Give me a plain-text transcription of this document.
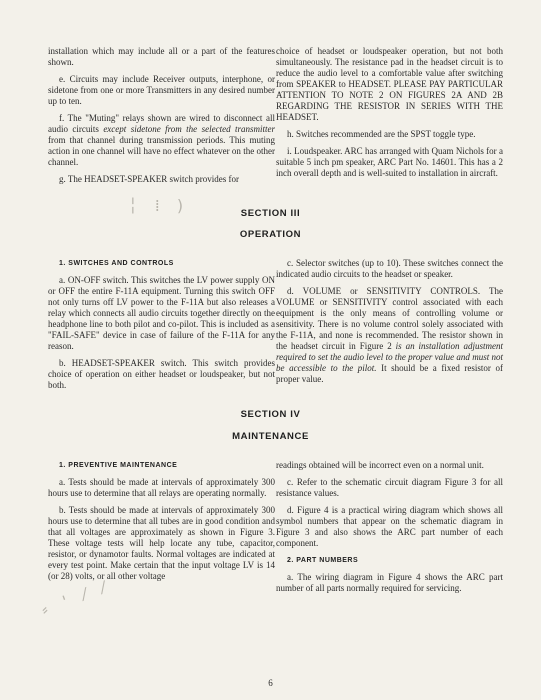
installation which may include all or a part of the features shown.

e. Circuits may include Receiver outputs, interphone, or sidetone from one or more Transmitters in any desired number up to ten.

f. The "Muting" relays shown are wired to disconnect all audio circuits except sidetone from the selected transmitter from that channel during transmission periods. This muting action in one channel will have no effect whatever on the other channel.

g. The HEADSET-SPEAKER switch provides for

choice of headset or loudspeaker operation, but not both simultaneously. The resistance pad in the headset circuit is to reduce the audio level to a comfortable value after switching from SPEAKER to HEADSET. PLEASE PAY PARTICULAR ATTENTION TO NOTE 2 ON FIGURES 2A AND 2B REGARDING THE RESISTOR IN SERIES WITH THE HEADSET.

h. Switches recommended are the SPST toggle type.

i. Loudspeaker. ARC has arranged with Quam Nichols for a suitable 5 inch pm speaker, ARC Part No. 14601. This has a 2 inch overall depth and is well-suited to installation in aircraft.

╎ ⁞ )	SECTION III
OPERATION

1. SWITCHES AND CONTROLS

a. ON-OFF switch. This switches the LV power supply ON or OFF the entire F-11A equipment. Turning this switch OFF not only turns off LV power to the F-11A but also releases a relay which connects all audio circuits together directly on the headphone line to both pilot and co-pilot. This is included as a "FAIL-SAFE" device in case of failure of the F-11A for any reason.

b. HEADSET-SPEAKER switch. This switch provides choice of operation on either headset or loudspeaker, but not both.

c. Selector switches (up to 10). These switches connect the indicated audio circuits to the headset or speaker.

d. VOLUME or SENSITIVITY CONTROLS. The VOLUME or SENSITIVITY control associated with each equipment is the only means of controlling volume or sensitivity. There is no volume control solely associated with the F-11A, and none is recommended. The resistor shown in the headset circuit in Figure 2 is an installation adjustment required to set the audio level to the proper value and must not be accessible to the pilot. It should be a fixed resistor of proper value.

SECTION IV
MAINTENANCE

1. PREVENTIVE MAINTENANCE

a. Tests should be made at intervals of approximately 300 hours use to determine that all relays are operating normally.

b. Tests should be made at intervals of approximately 300 hours use to determine that all tubes are in good condition and that all voltages are approximately as shown in Figure 3. These voltage tests will help locate any tube, capacitor, resistor, or dynamotor faults. Normal voltages are indicated at every test point. Make certain that the input voltage LV is 14 (or 28) volts, or all other voltage

readings obtained will be incorrect even on a normal unit.

c. Refer to the schematic circuit diagram Figure 3 for all resistance values.

d. Figure 4 is a practical wiring diagram which shows all symbol numbers that appear on the schematic diagram in Figure 3 and also shows the ARC part number of each component.

2. PART NUMBERS

a. The wiring diagram in Figure 4 shows the ARC part number of all parts normally required for servicing.

⸗ ' ⁄ ⁄
6
